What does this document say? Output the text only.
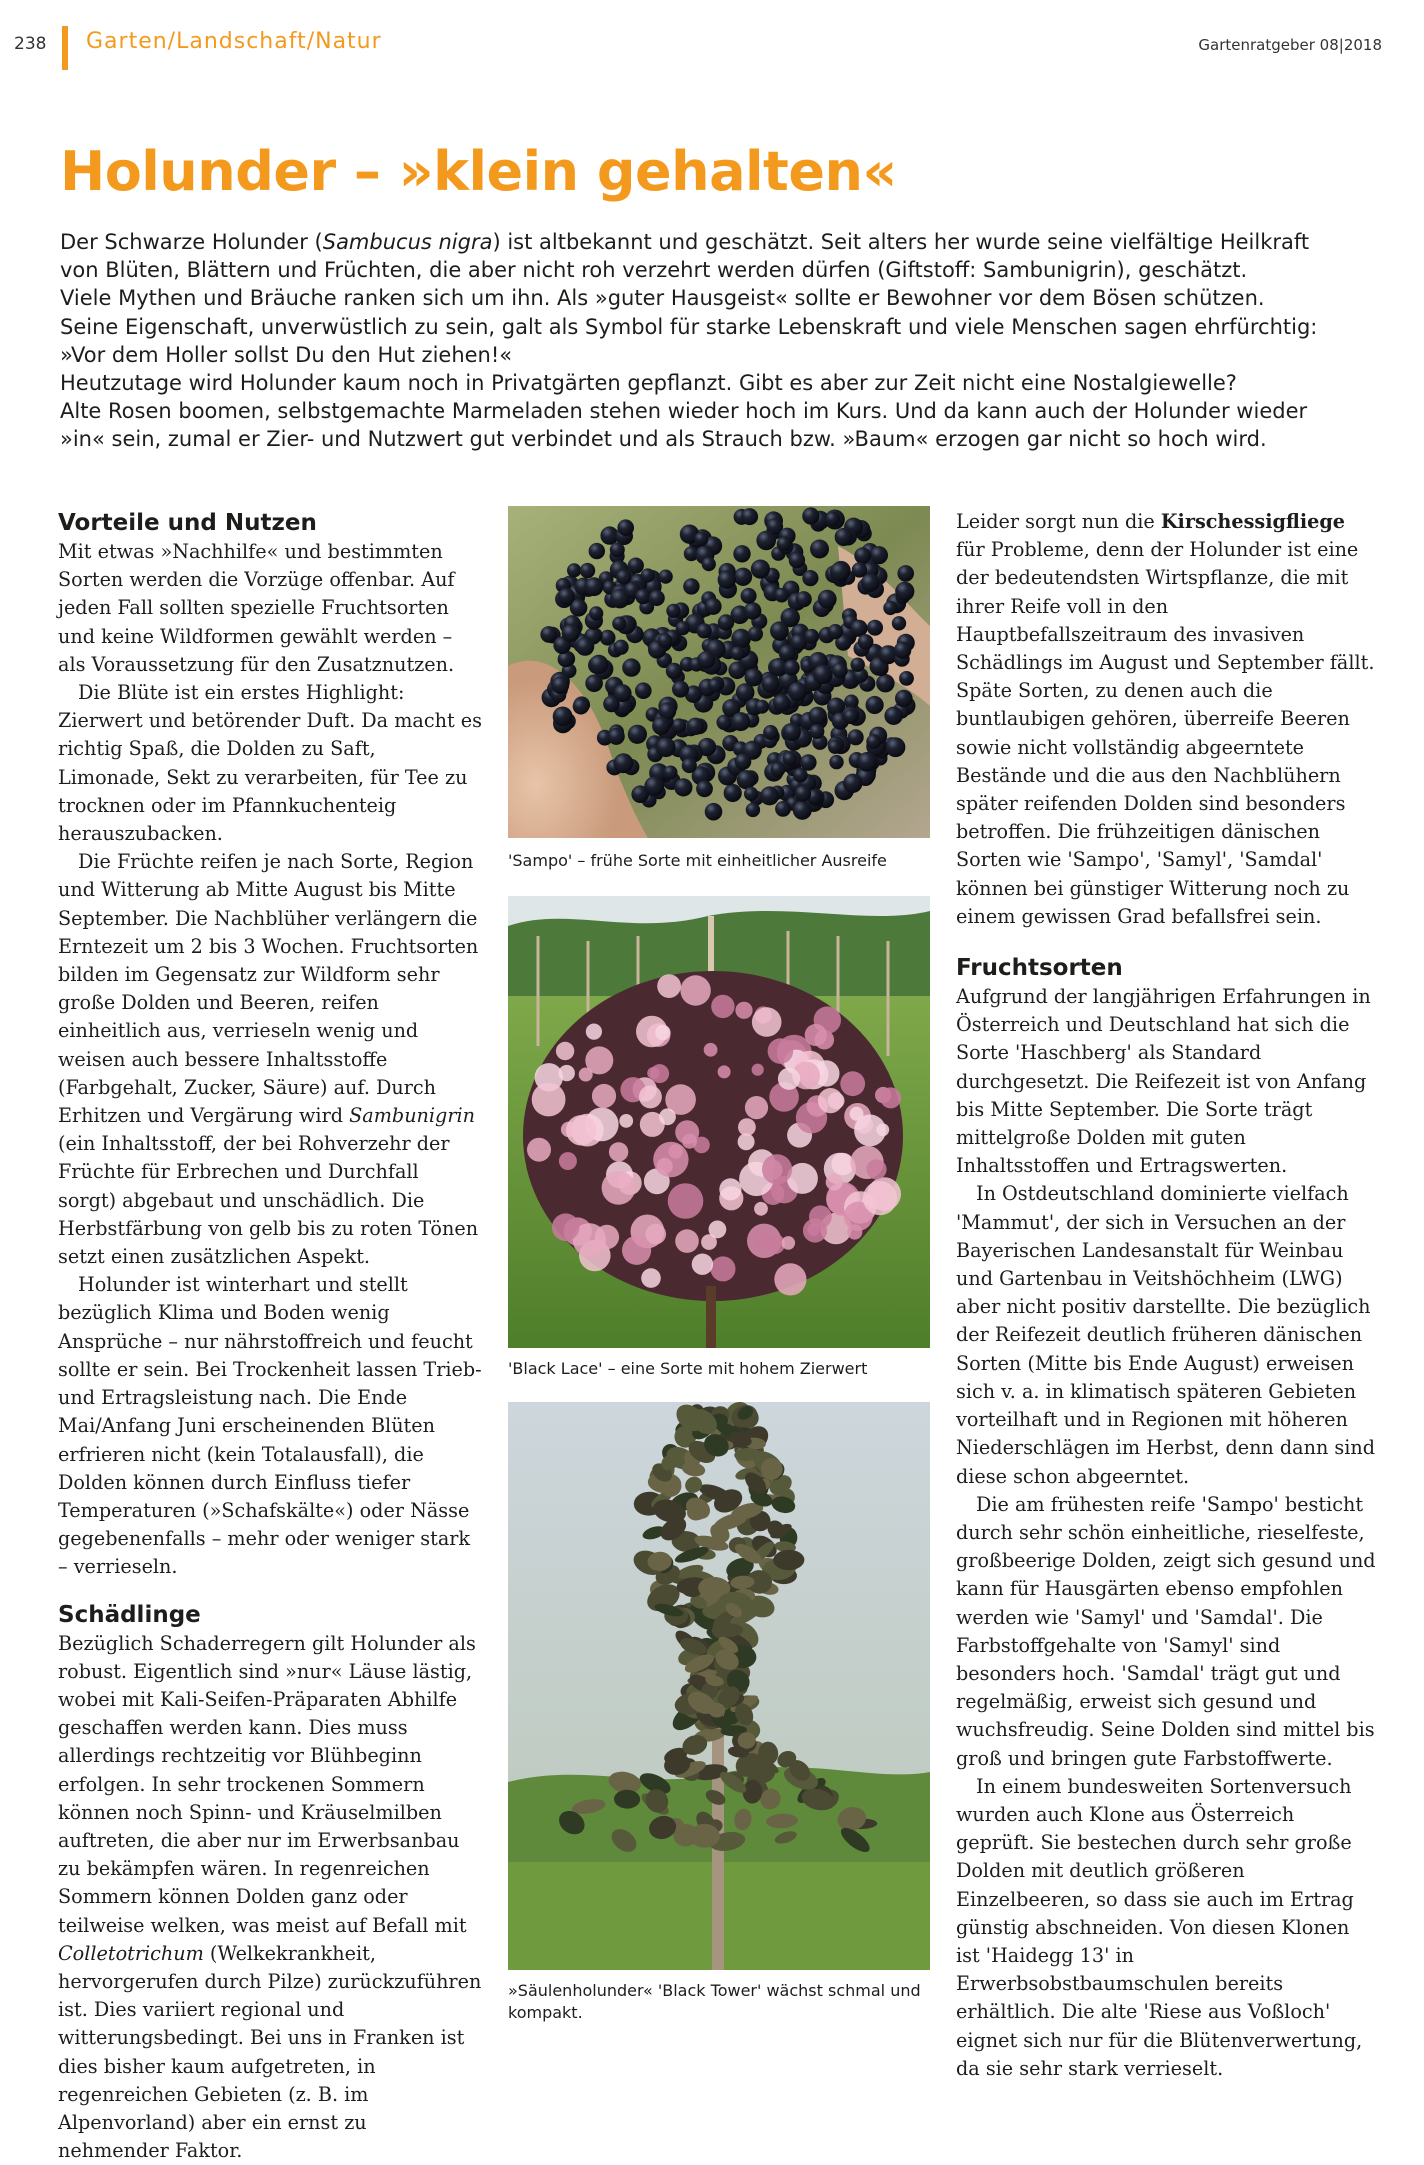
238 Garten/Landschaft/Natur	Gartenratgeber 08|2018
Holunder – »klein gehalten«

Der Schwarze Holunder (Sambucus nigra) ist altbekannt und geschätzt. Seit alters her wurde seine vielfältige Heilkraft
von Blüten, Blättern und Früchten, die aber nicht roh verzehrt werden dürfen (Giftstoff: Sambunigrin), geschätzt.
Viele Mythen und Bräuche ranken sich um ihn. Als »guter Hausgeist« sollte er Bewohner vor dem Bösen schützen.
Seine Eigenschaft, unverwüstlich zu sein, galt als Symbol für starke Lebenskraft und viele Menschen sagen ehrfürchtig:
»Vor dem Holler sollst Du den Hut ziehen!«
Heutzutage wird Holunder kaum noch in Privatgärten gepflanzt. Gibt es aber zur Zeit nicht eine Nostalgiewelle?
Alte Rosen boomen, selbstgemachte Marmeladen stehen wieder hoch im Kurs. Und da kann auch der Holunder wieder
»in« sein, zumal er Zier- und Nutzwert gut verbindet und als Strauch bzw. »Baum« erzogen gar nicht so hoch wird.

Vorteile und Nutzen

Mit etwas »Nachhilfe« und bestimmten Sorten werden die Vorzüge offenbar. Auf jeden Fall sollten spezielle Fruchtsorten und keine Wildformen gewählt werden – als Voraussetzung für den Zusatznutzen.

Die Blüte ist ein erstes Highlight: Zierwert und betörender Duft. Da macht es richtig Spaß, die Dolden zu Saft, Limonade, Sekt zu verarbeiten, für Tee zu trocknen oder im Pfannkuchenteig herauszubacken.

Die Früchte reifen je nach Sorte, Region und Witterung ab Mitte August bis Mitte September. Die Nachblüher verlängern die Erntezeit um 2 bis 3 Wochen. Fruchtsorten bilden im Gegensatz zur Wildform sehr große Dolden und Beeren, reifen einheitlich aus, verrieseln wenig und weisen auch bessere Inhaltsstoffe (Farbgehalt, Zucker, Säure) auf. Durch Erhitzen und Vergärung wird Sambunigrin (ein Inhaltsstoff, der bei Rohverzehr der Früchte für Erbrechen und Durchfall sorgt) abgebaut und unschädlich. Die Herbstfärbung von gelb bis zu roten Tönen setzt einen zusätzlichen Aspekt.

Holunder ist winterhart und stellt bezüglich Klima und Boden wenig Ansprüche – nur nährstoffreich und feucht sollte er sein. Bei Trockenheit lassen Trieb- und Ertragsleistung nach. Die Ende Mai/Anfang Juni erscheinenden Blüten erfrieren nicht (kein Totalausfall), die Dolden können durch Einfluss tiefer Temperaturen (»Schafskälte«) oder Nässe gegebenenfalls – mehr oder weniger stark – verrieseln.

Schädlinge

Bezüglich Schaderregern gilt Holunder als robust. Eigentlich sind »nur« Läuse lästig, wobei mit Kali-Seifen-Präparaten Abhilfe geschaffen werden kann. Dies muss allerdings rechtzeitig vor Blühbeginn erfolgen. In sehr trockenen Sommern können noch Spinn- und Kräuselmilben auftreten, die aber nur im Erwerbsanbau zu bekämpfen wären. In regenreichen Sommern können Dolden ganz oder teilweise welken, was meist auf Befall mit Colletotrichum (Welkekrankheit, hervorgerufen durch Pilze) zurückzuführen ist. Dies variiert regional und witterungsbedingt. Bei uns in Franken ist dies bisher kaum aufgetreten, in regenreichen Gebieten (z. B. im Alpenvorland) aber ein ernst zu nehmender Faktor.

'Sampo' – frühe Sorte mit einheitlicher Ausreife
'Black Lace' – eine Sorte mit hohem Zierwert
»Säulenholunder« 'Black Tower' wächst schmal und kompakt.

Leider sorgt nun die Kirschessigfliege für Probleme, denn der Holunder ist eine der bedeutendsten Wirtspflanze, die mit ihrer Reife voll in den Hauptbefallszeitraum des invasiven Schädlings im August und September fällt. Späte Sorten, zu denen auch die buntlaubigen gehören, überreife Beeren sowie nicht vollständig abgeerntete Bestände und die aus den Nachblühern später reifenden Dolden sind besonders betroffen. Die frühzeitigen dänischen Sorten wie 'Sampo', 'Samyl', 'Samdal' können bei günstiger Witterung noch zu einem gewissen Grad befallsfrei sein.

Fruchtsorten

Aufgrund der langjährigen Erfahrungen in Österreich und Deutschland hat sich die Sorte 'Haschberg' als Standard durchgesetzt. Die Reifezeit ist von Anfang bis Mitte September. Die Sorte trägt mittelgroße Dolden mit guten Inhaltsstoffen und Ertragswerten.

In Ostdeutschland dominierte vielfach 'Mammut', der sich in Versuchen an der Bayerischen Landesanstalt für Weinbau und Gartenbau in Veitshöchheim (LWG) aber nicht positiv darstellte. Die bezüglich der Reifezeit deutlich früheren dänischen Sorten (Mitte bis Ende August) erweisen sich v. a. in klimatisch späteren Gebieten vorteilhaft und in Regionen mit höheren Niederschlägen im Herbst, denn dann sind diese schon abgeerntet.

Die am frühesten reife 'Sampo' besticht durch sehr schön einheitliche, rieselfeste, großbeerige Dolden, zeigt sich gesund und kann für Hausgärten ebenso empfohlen werden wie 'Samyl' und 'Samdal'. Die Farbstoffgehalte von 'Samyl' sind besonders hoch. 'Samdal' trägt gut und regelmäßig, erweist sich gesund und wuchsfreudig. Seine Dolden sind mittel bis groß und bringen gute Farbstoffwerte.

In einem bundesweiten Sortenversuch wurden auch Klone aus Österreich geprüft. Sie bestechen durch sehr große Dolden mit deutlich größeren Einzelbeeren, so dass sie auch im Ertrag günstig abschneiden. Von diesen Klonen ist 'Haidegg 13' in Erwerbsobstbaumschulen bereits erhältlich. Die alte 'Riese aus Voßloch' eignet sich nur für die Blütenverwertung, da sie sehr stark verrieselt.
